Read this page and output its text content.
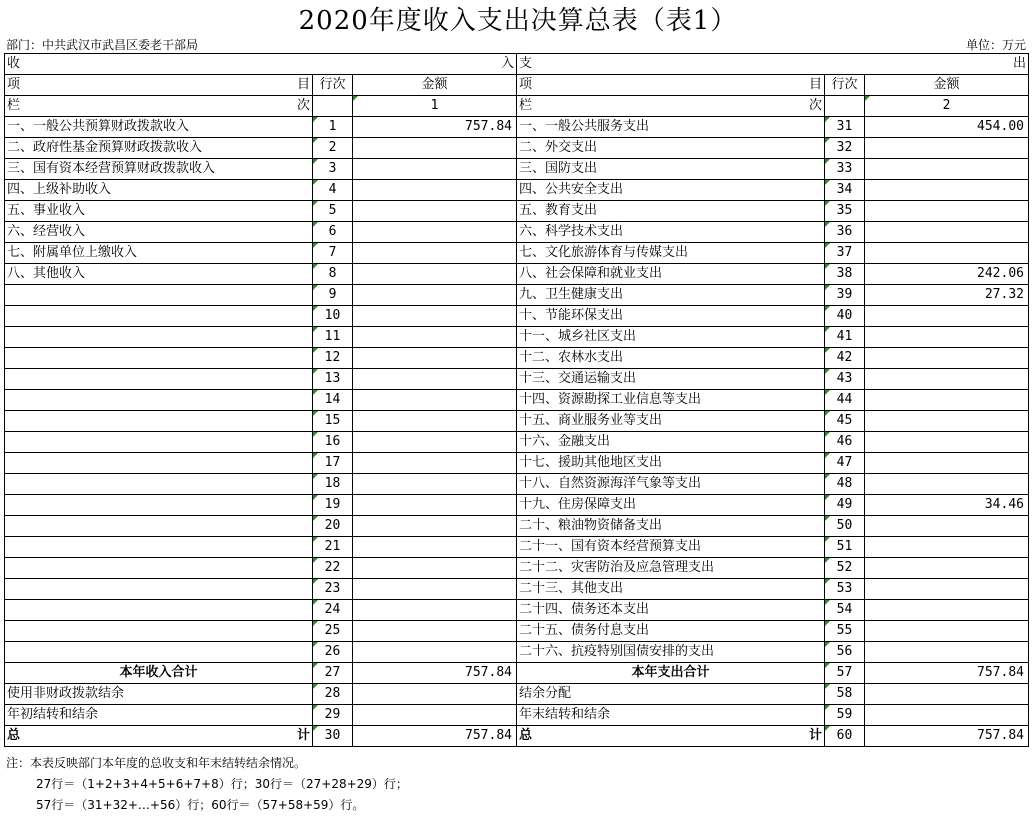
2020年度收入支出决算总表（表1）
部门：中共武汉市武昌区委老干部局	单位：万元
收 入			支 出		

项 目	行次	金额	项 目	行次	金额

栏 次		1	栏 次		2
一、一般公共预算财政拨款收入	1	757.84	一、一般公共服务支出	31	454.00
二、政府性基金预算财政拨款收入	2		二、外交支出	32	
三、国有资本经营预算财政拨款收入	3		三、国防支出	33	
四、上级补助收入	4		四、公共安全支出	34	
五、事业收入	5		五、教育支出	35	
六、经营收入	6		六、科学技术支出	36	
七、附属单位上缴收入	7		七、文化旅游体育与传媒支出	37	
八、其他收入	8		八、社会保障和就业支出	38	242.06
	9		九、卫生健康支出	39	27.32
	10		十、节能环保支出	40	
	11		十一、城乡社区支出	41	
	12		十二、农林水支出	42	
	13		十三、交通运输支出	43	
	14		十四、资源勘探工业信息等支出	44	
	15		十五、商业服务业等支出	45	
	16		十六、金融支出	46	
	17		十七、援助其他地区支出	47	
	18		十八、自然资源海洋气象等支出	48	
	19		十九、住房保障支出	49	34.46
	20		二十、粮油物资储备支出	50	
	21		二十一、国有资本经营预算支出	51	
	22		二十二、灾害防治及应急管理支出	52	
	23		二十三、其他支出	53	
	24		二十四、债务还本支出	54	
	25		二十五、债务付息支出	55	
	26		二十六、抗疫特别国债安排的支出	56	
本年收入合计	27	757.84	本年支出合计	57	757.84
使用非财政拨款结余	28		结余分配	58	
年初结转和结余	29		年末结转和结余	59	

总 计	30	757.84	总 计	60	757.84
注：本表反映部门本年度的总收支和年末结转结余情况。
27行＝（1+2+3+4+5+6+7+8）行；30行＝（27+28+29）行；
57行＝（31+32+…+56）行；60行＝（57+58+59）行。
